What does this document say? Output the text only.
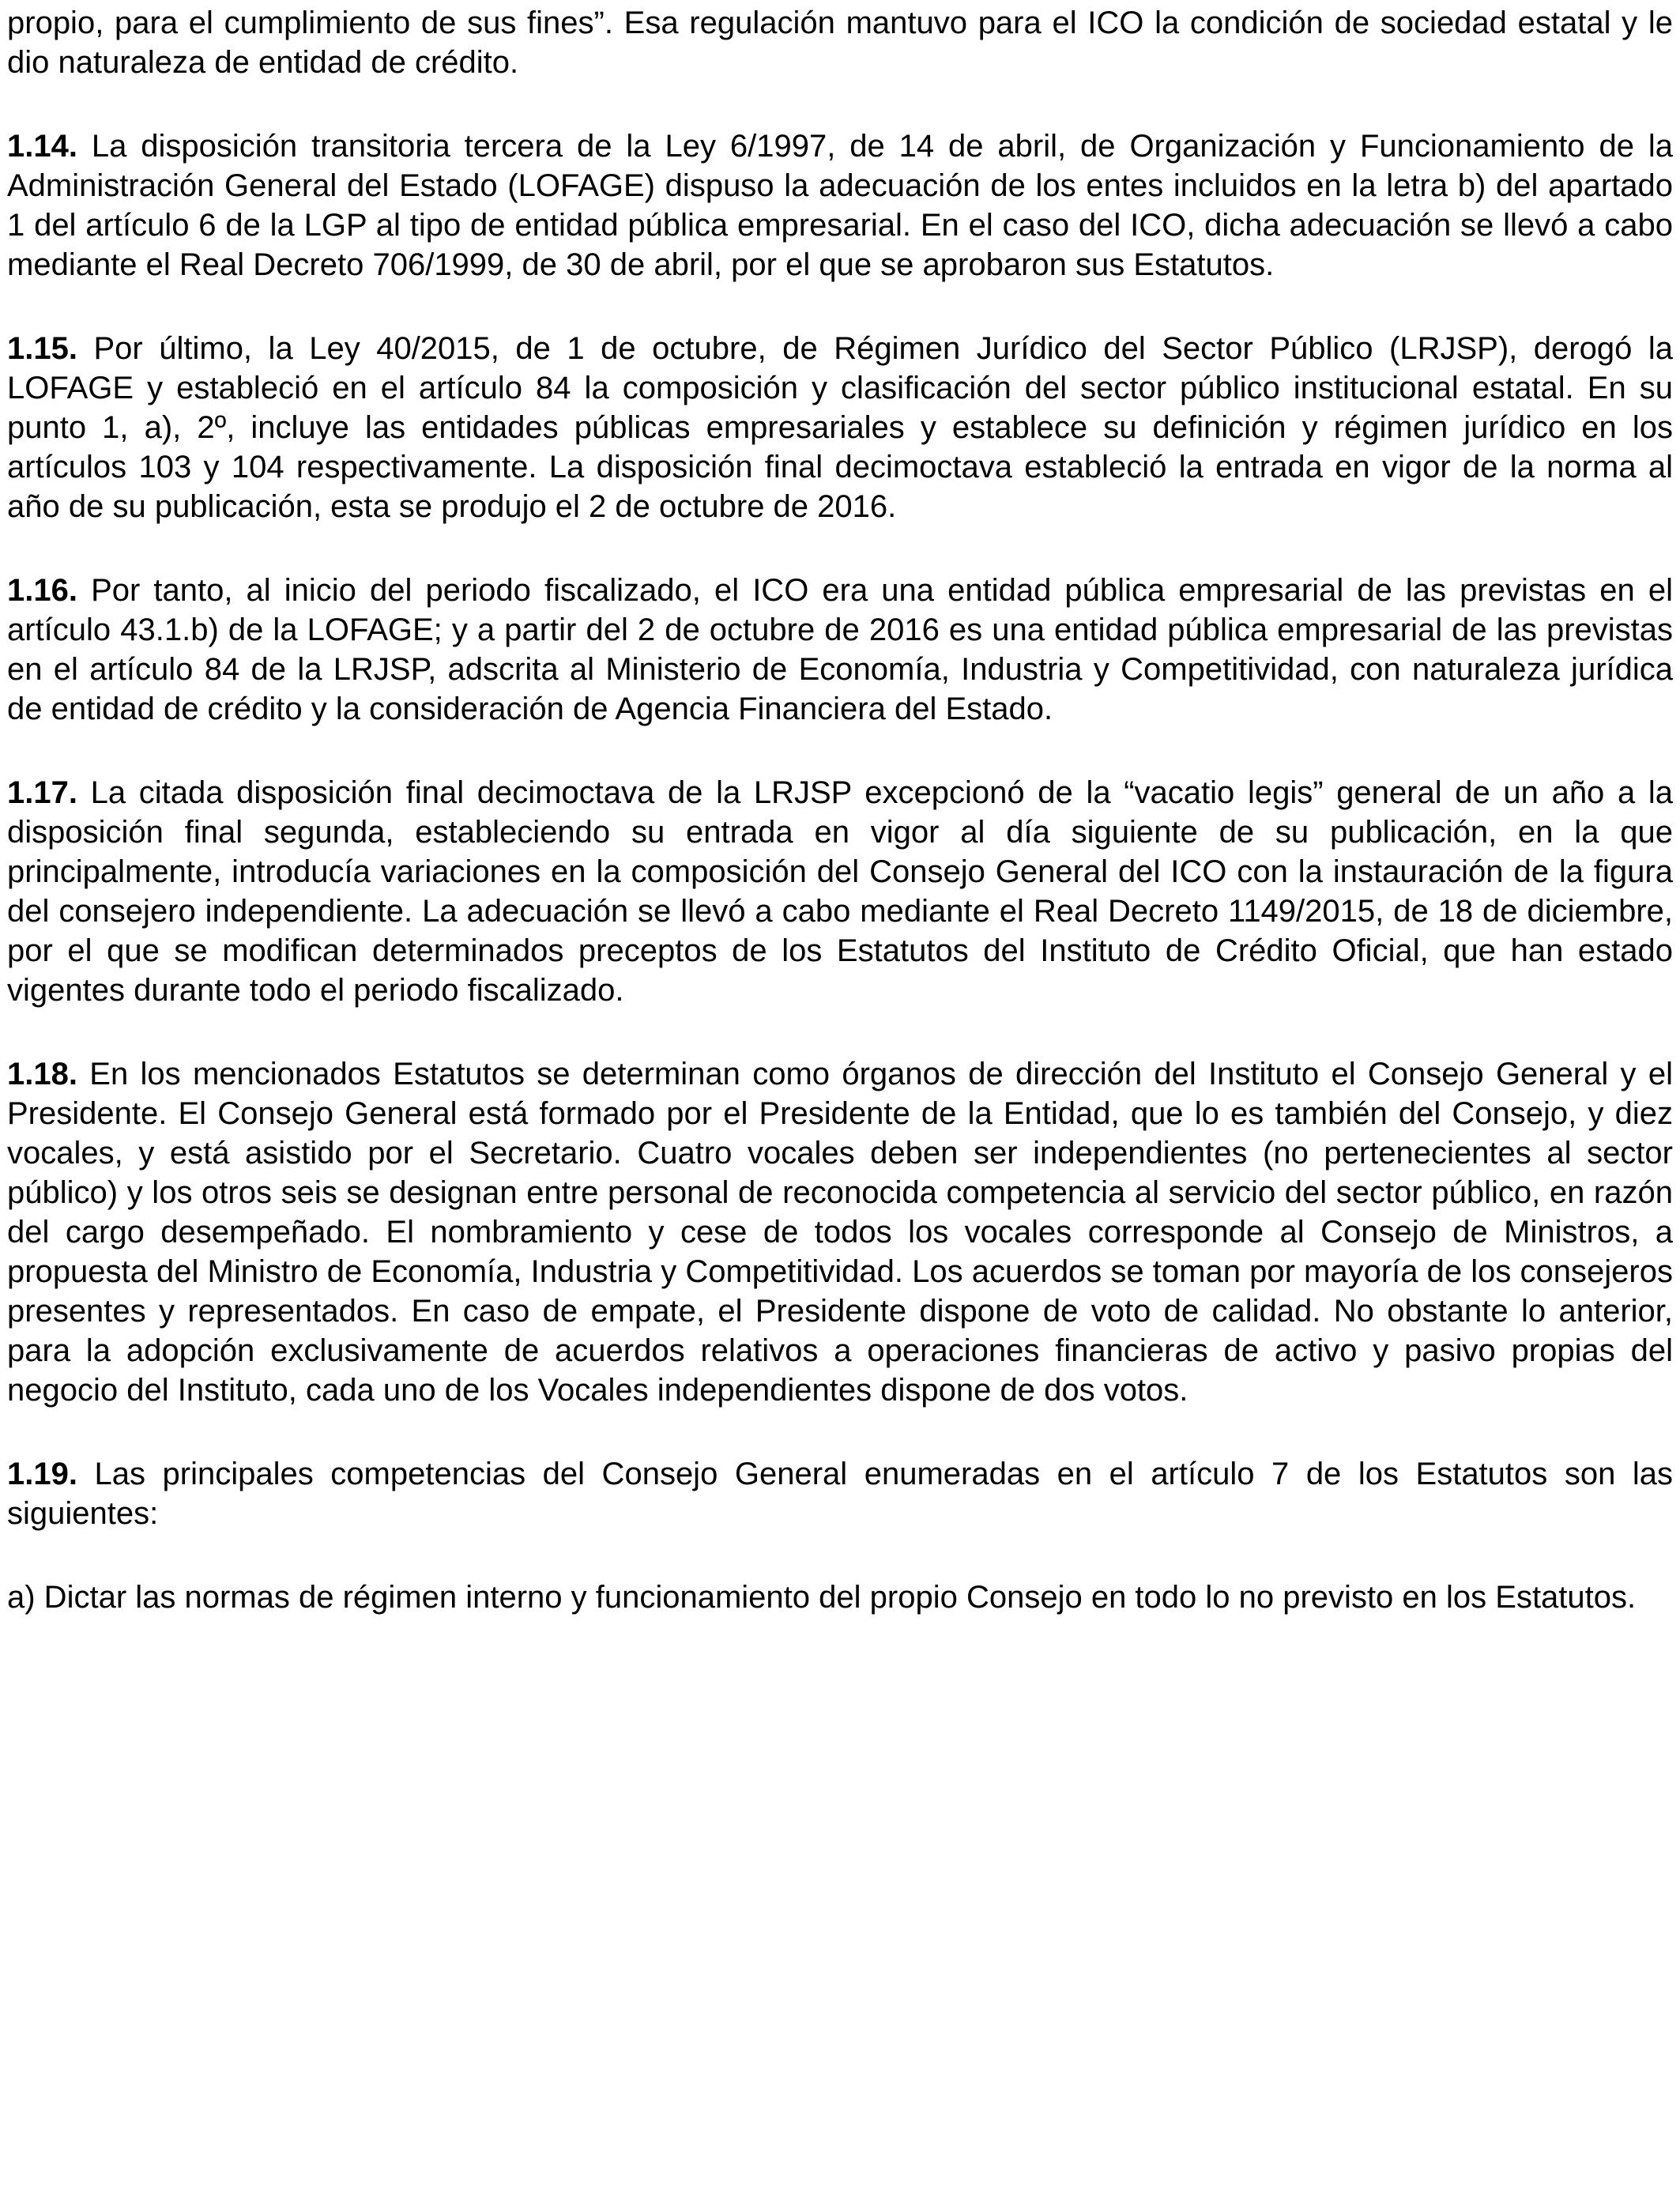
propio, para el cumplimiento de sus fines”. Esa regulación mantuvo para el ICO la condición de sociedad estatal y le dio naturaleza de entidad de crédito.

1.14. La disposición transitoria tercera de la Ley 6/1997, de 14 de abril, de Organización y Funcionamiento de la Administración General del Estado (LOFAGE) dispuso la adecuación de los entes incluidos en la letra b) del apartado 1 del artículo 6 de la LGP al tipo de entidad pública empresarial. En el caso del ICO, dicha adecuación se llevó a cabo mediante el Real Decreto 706/1999, de 30 de abril, por el que se aprobaron sus Estatutos.

1.15. Por último, la Ley 40/2015, de 1 de octubre, de Régimen Jurídico del Sector Público (LRJSP), derogó la LOFAGE y estableció en el artículo 84 la composición y clasificación del sector público institucional estatal. En su punto 1, a), 2º, incluye las entidades públicas empresariales y establece su definición y régimen jurídico en los artículos 103 y 104 respectivamente. La disposición final decimoctava estableció la entrada en vigor de la norma al año de su publicación, esta se produjo el 2 de octubre de 2016.

1.16. Por tanto, al inicio del periodo fiscalizado, el ICO era una entidad pública empresarial de las previstas en el artículo 43.1.b) de la LOFAGE; y a partir del 2 de octubre de 2016 es una entidad pública empresarial de las previstas en el artículo 84 de la LRJSP, adscrita al Ministerio de Economía, Industria y Competitividad, con naturaleza jurídica de entidad de crédito y la consideración de Agencia Financiera del Estado.

1.17. La citada disposición final decimoctava de la LRJSP excepcionó de la “vacatio legis” general de un año a la disposición final segunda, estableciendo su entrada en vigor al día siguiente de su publicación, en la que principalmente, introducía variaciones en la composición del Consejo General del ICO con la instauración de la figura del consejero independiente. La adecuación se llevó a cabo mediante el Real Decreto 1149/2015, de 18 de diciembre, por el que se modifican determinados preceptos de los Estatutos del Instituto de Crédito Oficial, que han estado vigentes durante todo el periodo fiscalizado.

1.18. En los mencionados Estatutos se determinan como órganos de dirección del Instituto el Consejo General y el Presidente. El Consejo General está formado por el Presidente de la Entidad, que lo es también del Consejo, y diez vocales, y está asistido por el Secretario. Cuatro vocales deben ser independientes (no pertenecientes al sector público) y los otros seis se designan entre personal de reconocida competencia al servicio del sector público, en razón del cargo desempeñado. El nombramiento y cese de todos los vocales corresponde al Consejo de Ministros, a propuesta del Ministro de Economía, Industria y Competitividad. Los acuerdos se toman por mayoría de los consejeros presentes y representados. En caso de empate, el Presidente dispone de voto de calidad. No obstante lo anterior, para la adopción exclusivamente de acuerdos relativos a operaciones financieras de activo y pasivo propias del negocio del Instituto, cada uno de los Vocales independientes dispone de dos votos.

1.19. Las principales competencias del Consejo General enumeradas en el artículo 7 de los Estatutos son las siguientes:

a) Dictar las normas de régimen interno y funcionamiento del propio Consejo en todo lo no previsto en los Estatutos.
